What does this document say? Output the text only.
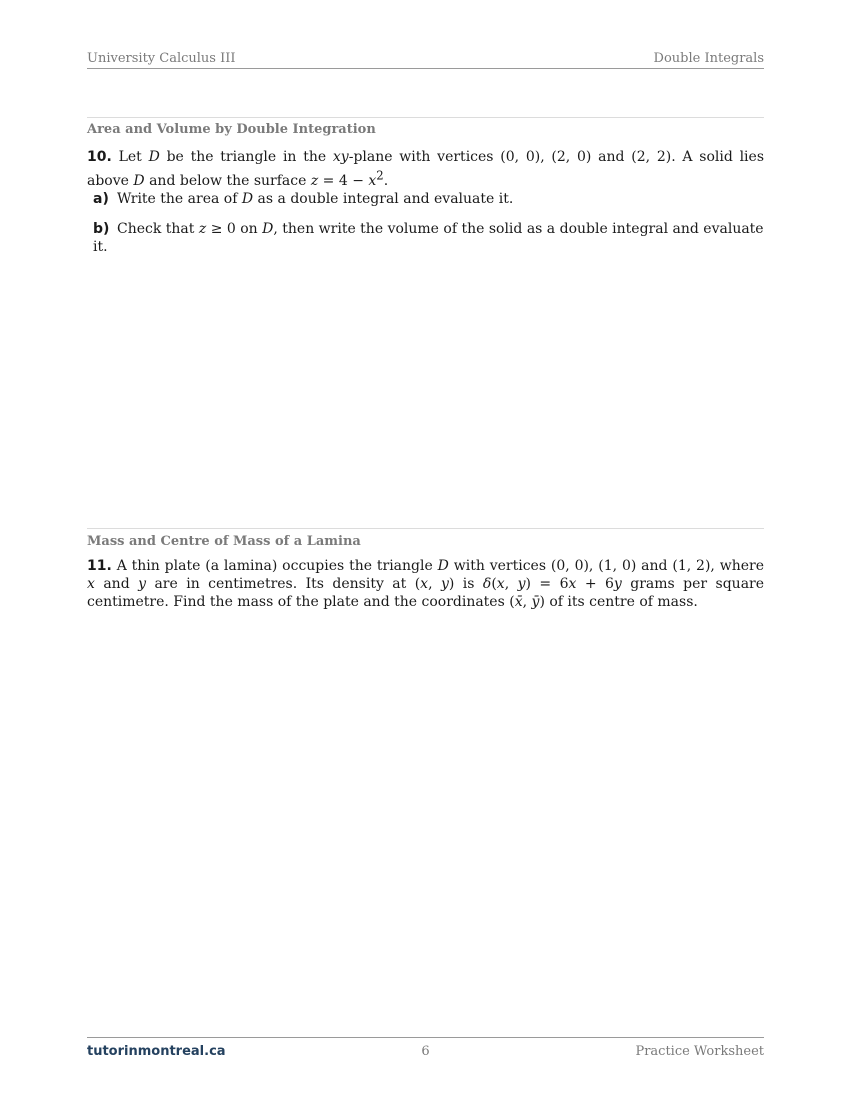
University Calculus III	Double Integrals
Area and Volume by Double Integration
10. Let D be the triangle in the xy-plane with vertices (0, 0), (2, 0) and (2, 2). A solid lies above D and below the surface $z = 4 - x^2$.
a) Write the area of D as a double integral and evaluate it.
b) Check that z ≥ 0 on D, then write the volume of the solid as a double integral and evaluate it.
Mass and Centre of Mass of a Lamina
11. A thin plate (a lamina) occupies the triangle D with vertices (0, 0), (1, 0) and (1, 2), where x and y are in centimetres. Its density at (x, y) is δ(x, y) = 6x + 6y grams per square centimetre. Find the mass of the plate and the coordinates (x̄, ȳ) of its centre of mass.
tutorinmontreal.ca	6	Practice Worksheet
